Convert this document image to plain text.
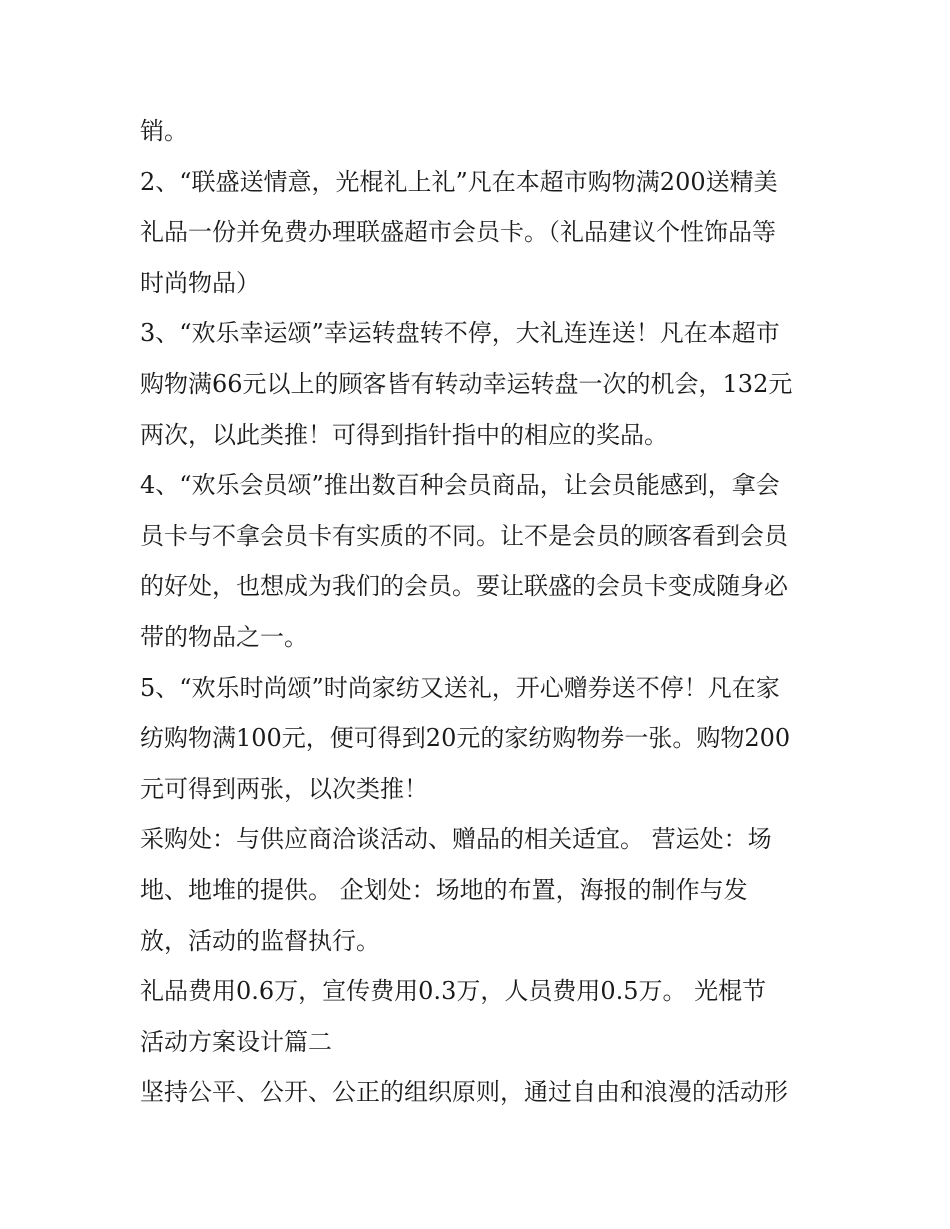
销。
2、“联盛送情意，光棍礼上礼”凡在本超市购物满200送精美
礼品一份并免费办理联盛超市会员卡。（礼品建议个性饰品等
时尚物品）
3、“欢乐幸运颂”幸运转盘转不停，大礼连连送！凡在本超市
购物满66元以上的顾客皆有转动幸运转盘一次的机会，132元
两次，以此类推！可得到指针指中的相应的奖品。
4、“欢乐会员颂”推出数百种会员商品，让会员能感到，拿会
员卡与不拿会员卡有实质的不同。让不是会员的顾客看到会员
的好处，也想成为我们的会员。要让联盛的会员卡变成随身必
带的物品之一。
5、“欢乐时尚颂”时尚家纺又送礼，开心赠券送不停！凡在家
纺购物满100元，便可得到20元的家纺购物券一张。购物200
元可得到两张，以次类推！
采购处：与供应商洽谈活动、赠品的相关适宜。 营运处：场
地、地堆的提供。 企划处：场地的布置，海报的制作与发
放，活动的监督执行。
礼品费用0.6万，宣传费用0.3万，人员费用0.5万。 光棍节
活动方案设计篇二
坚持公平、公开、公正的组织原则，通过自由和浪漫的活动形
